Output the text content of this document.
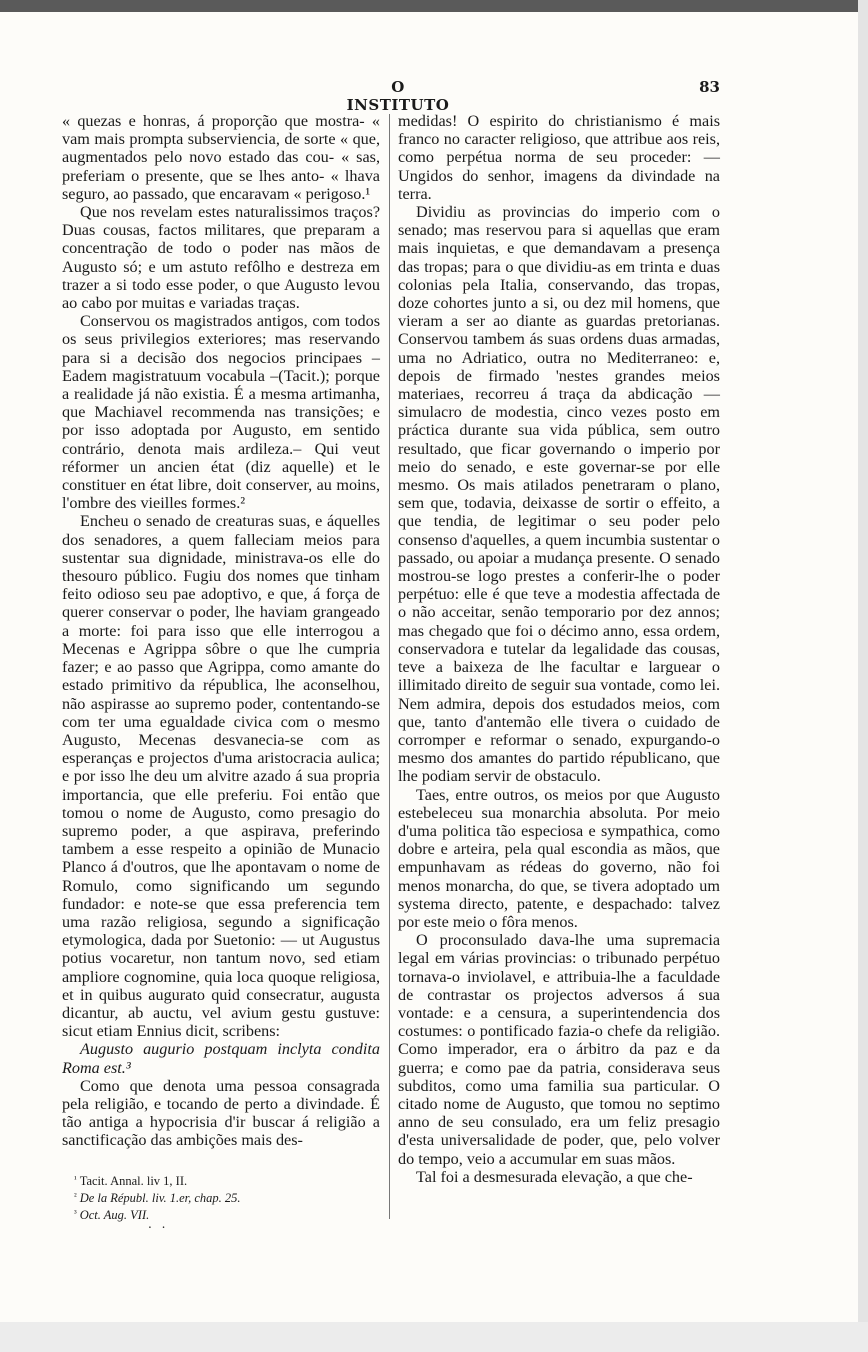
O INSTITUTO
83

« quezas e honras, á proporção que mostra- « vam mais prompta subserviencia, de sorte « que, augmentados pelo novo estado das cou- « sas, preferiam o presente, que se lhes anto- « lhava seguro, ao passado, que encaravam « perigoso.¹

Que nos revelam estes naturalissimos traços? Duas cousas, factos militares, que preparam a concentração de todo o poder nas mãos de Augusto só; e um astuto refôlho e destreza em trazer a si todo esse poder, o que Augusto levou ao cabo por muitas e variadas traças.

Conservou os magistrados antigos, com todos os seus privilegios exteriores; mas reservando para si a decisão dos negocios principaes – Eadem magistratuum vocabula –(Tacit.); porque a realidade já não existia. É a mesma artimanha, que Machiavel recommenda nas transições; e por isso adoptada por Augusto, em sentido contrário, denota mais ardileza.– Qui veut réformer un ancien état (diz aquelle) et le constituer en état libre, doit conserver, au moins, l'ombre des vieilles formes.²

Encheu o senado de creaturas suas, e áquelles dos senadores, a quem falleciam meios para sustentar sua dignidade, ministrava-os elle do thesouro público. Fugiu dos nomes que tinham feito odioso seu pae adoptivo, e que, á força de querer conservar o poder, lhe haviam grangeado a morte: foi para isso que elle interrogou a Mecenas e Agrippa sôbre o que lhe cumpria fazer; e ao passo que Agrippa, como amante do estado primitivo da républica, lhe aconselhou, não aspirasse ao supremo poder, contentando-se com ter uma egualdade civica com o mesmo Augusto, Mecenas desvanecia-se com as esperanças e projectos d'uma aristocracia aulica; e por isso lhe deu um alvitre azado á sua propria importancia, que elle preferiu. Foi então que tomou o nome de Augusto, como presagio do supremo poder, a que aspirava, preferindo tambem a esse respeito a opinião de Munacio Planco á d'outros, que lhe apontavam o nome de Romulo, como significando um segundo fundador: e note-se que essa preferencia tem uma razão religiosa, segundo a significação etymologica, dada por Suetonio: — ut Augustus potius vocaretur, non tantum novo, sed etiam ampliore cognomine, quia loca quoque religiosa, et in quibus augurato quid consecratur, augusta dicantur, ab auctu, vel avium gestu gustuve: sicut etiam Ennius dicit, scribens:

Augusto augurio postquam inclyta condita Roma est.³

Como que denota uma pessoa consagrada pela religião, e tocando de perto a divindade. É tão antiga a hypocrisia d'ir buscar á religião a sanctificação das ambições mais des-

medidas! O espirito do christianismo é mais franco no caracter religioso, que attribue aos reis, como perpétua norma de seu proceder: — Ungidos do senhor, imagens da divindade na terra.

Dividiu as provincias do imperio com o senado; mas reservou para si aquellas que eram mais inquietas, e que demandavam a presença das tropas; para o que dividiu-as em trinta e duas colonias pela Italia, conservando, das tropas, doze cohortes junto a si, ou dez mil homens, que vieram a ser ao diante as guardas pretorianas. Conservou tambem ás suas ordens duas armadas, uma no Adriatico, outra no Mediterraneo: e, depois de firmado 'nestes grandes meios materiaes, recorreu á traça da abdicação — simulacro de modestia, cinco vezes posto em práctica durante sua vida pública, sem outro resultado, que ficar governando o imperio por meio do senado, e este governar-se por elle mesmo. Os mais atilados penetraram o plano, sem que, todavia, deixasse de sortir o effeito, a que tendia, de legitimar o seu poder pelo consenso d'aquelles, a quem incumbia sustentar o passado, ou apoiar a mudança presente. O senado mostrou-se logo prestes a conferir-lhe o poder perpétuo: elle é que teve a modestia affectada de o não acceitar, senão temporario por dez annos; mas chegado que foi o décimo anno, essa ordem, conservadora e tutelar da legalidade das cousas, teve a baixeza de lhe facultar e larguear o illimitado direito de seguir sua vontade, como lei. Nem admira, depois dos estudados meios, com que, tanto d'antemão elle tivera o cuidado de corromper e reformar o senado, expurgando-o mesmo dos amantes do partido républicano, que lhe podiam servir de obstaculo.

Taes, entre outros, os meios por que Augusto estebeleceu sua monarchia absoluta. Por meio d'uma politica tão especiosa e sympathica, como dobre e arteira, pela qual escondia as mãos, que empunhavam as rédeas do governo, não foi menos monarcha, do que, se tivera adoptado um systema directo, patente, e despachado: talvez por este meio o fôra menos.

O proconsulado dava-lhe uma supremacia legal em várias provincias: o tribunado perpétuo tornava-o inviolavel, e attribuia-lhe a faculdade de contrastar os projectos adversos á sua vontade: e a censura, a superintendencia dos costumes: o pontificado fazia-o chefe da religião. Como imperador, era o árbitro da paz e da guerra; e como pae da patria, considerava seus subditos, como uma familia sua particular. O citado nome de Augusto, que tomou no septimo anno de seu consulado, era um feliz presagio d'esta universalidade de poder, que, pelo volver do tempo, veio a accumular em suas mãos.

Tal foi a desmesurada elevação, a que che-

$^{^1}$ Tacit. Annal. liv 1, II.
$^{^2}$ De la Républ. liv. 1.er, chap. 25.
$^{^3}$ Oct. Aug. VII.
. .
